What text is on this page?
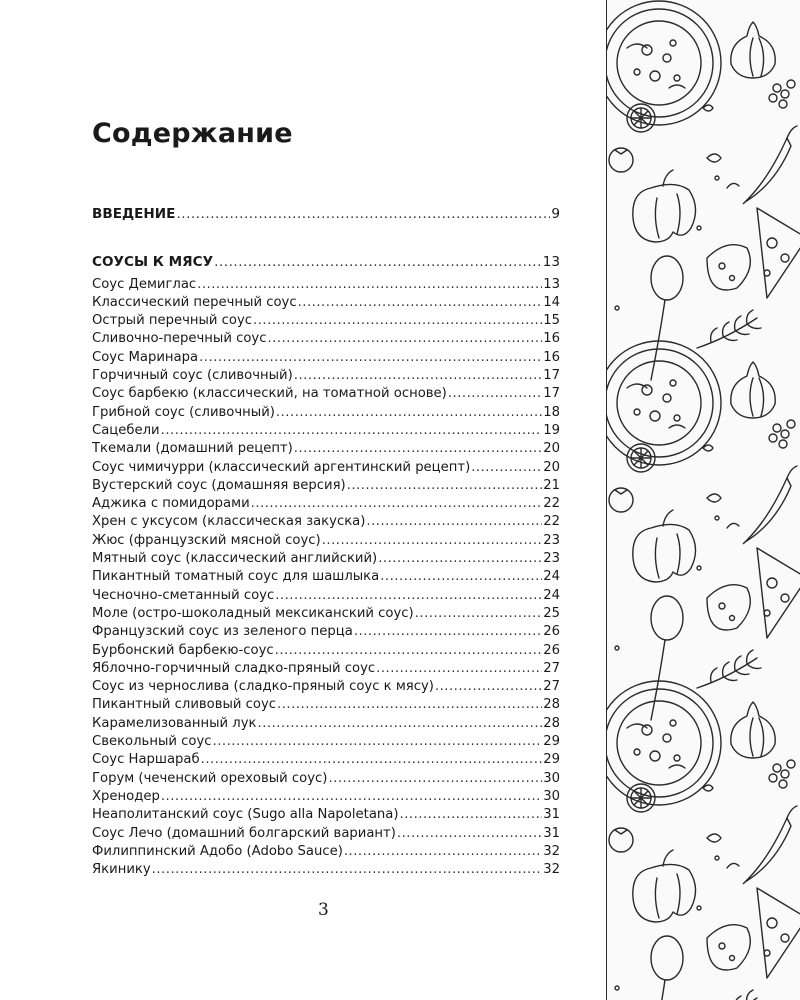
Содержание
ВВЕДЕНИЕ .....	9
СОУСЫ К МЯСУ .....	13
Соус Демиглас .....	13
Классический перечный соус .....	14
Острый перечный соус .....	15
Сливочно-перечный соус .....	16
Соус Маринара .....	16
Горчичный соус (сливочный) .....	17
Соус барбекю (классический, на томатной основе) .....	17
Грибной соус (сливочный) .....	18
Сацебели .....	19
Ткемали (домашний рецепт) .....	20
Соус чимичурри (классический аргентинский рецепт) .....	20
Вустерский соус (домашняя версия) .....	21
Аджика с помидорами .....	22
Хрен с уксусом (классическая закуска) .....	22
Жюс (французский мясной соус) .....	23
Мятный соус (классический английский) .....	23
Пикантный томатный соус для шашлыка .....	24
Чесночно-сметанный соус .....	24
Моле (остро-шоколадный мексиканский соус) .....	25
Французский соус из зеленого перца .....	26
Бурбонский барбекю-соус .....	26
Яблочно-горчичный сладко-пряный соус .....	27
Соус из чернослива (сладко-пряный соус к мясу) .....	27
Пикантный сливовый соус .....	28
Карамелизованный лук .....	28
Свекольный соус .....	29
Соус Наршараб .....	29
Горум (чеченский ореховый соус) .....	30
Хренодер .....	30
Неаполитанский соус (Sugo alla Napoletana) .....	31
Соус Лечо (домашний болгарский вариант) .....	31
Филиппинский Адобо (Adobo Sauce) .....	32
Якинику .....	32
3
